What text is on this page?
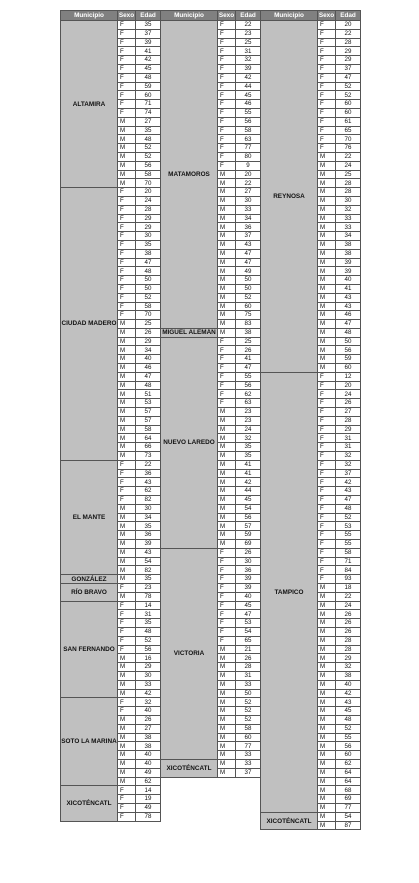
Municipio	Sexo	Edad
ALTAMIRA	F	35
	F	37
	F	39
	F	41
	F	42
	F	45
	F	48
	F	59
	F	60
	F	71
	F	74
	M	27
	M	35
	M	48
	M	52
	M	52
	M	56
	M	58
	M	70
CIUDAD MADERO	F	20
	F	24
	F	28
	F	29
	F	29
	F	30
	F	35
	F	38
	F	47
	F	48
	F	50
	F	50
	F	52
	F	58
	F	70
	M	25
	M	26
	M	29
	M	34
	M	40
	M	46
	M	47
	M	48
	M	51
	M	53
	M	57
	M	57
	M	58
	M	64
	M	66
	M	73
EL MANTE	F	22
	F	36
	F	43
	F	62
	F	82
	M	30
	M	34
	M	35
	M	36
	M	39
	M	43
	M	54
	M	82
GONZÁLEZ	M	35
RÍO BRAVO	F	23
	M	78
SAN FERNANDO	F	14
	F	31
	F	35
	F	48
	F	52
	F	56
	M	16
	M	29
	M	30
	M	33
	M	42
SOTO LA MARINA	F	32
	F	40
	M	26
	M	27
	M	38
	M	38
	M	40
	M	40
	M	49
	M	62
XICOTÉNCATL	F	14
	F	19
	F	49
	F	78
Municipio	Sexo	Edad
MATAMOROS	F	22
	F	23
	F	25
	F	31
	F	32
	F	39
	F	42
	F	44
	F	45
	F	46
	F	55
	F	56
	F	58
	F	63
	F	77
	F	80
	F	9
	M	20
	M	22
	M	27
	M	30
	M	33
	M	34
	M	36
	M	37
	M	43
	M	47
	M	47
	M	49
	M	50
	M	50
	M	52
	M	60
	M	75
	M	83
MIGUEL ALEMÁN	M	38
NUEVO LAREDO	F	25
	F	26
	F	41
	F	47
	F	55
	F	56
	F	62
	F	63
	M	23
	M	23
	M	24
	M	32
	M	35
	M	35
	M	41
	M	41
	M	42
	M	44
	M	45
	M	54
	M	56
	M	57
	M	59
	M	69
VICTORIA	F	26
	F	30
	F	36
	F	39
	F	39
	F	40
	F	45
	F	47
	F	53
	F	54
	F	65
	M	21
	M	26
	M	28
	M	31
	M	33
	M	50
	M	52
	M	52
	M	52
	M	58
	M	60
	M	77
	M	33
XICOTÉNCATL	M	33
	M	37
Municipio	Sexo	Edad
REYNOSA	F	20
	F	22
	F	28
	F	29
	F	29
	F	37
	F	47
	F	52
	F	52
	F	60
	F	60
	F	61
	F	65
	F	70
	F	76
	M	22
	M	24
	M	25
	M	28
	M	28
	M	30
	M	32
	M	33
	M	33
	M	34
	M	38
	M	38
	M	39
	M	39
	M	40
	M	41
	M	43
	M	43
	M	46
	M	47
	M	48
	M	50
	M	56
	M	59
	M	60
TAMPICO	F	12
	F	20
	F	24
	F	26
	F	27
	F	28
	F	29
	F	31
	F	31
	F	32
	F	32
	F	37
	F	42
	F	43
	F	47
	F	48
	F	52
	F	53
	F	55
	F	55
	F	58
	F	71
	F	84
	F	93
	M	18
	M	22
	M	24
	M	26
	M	26
	M	26
	M	28
	M	28
	M	29
	M	32
	M	38
	M	40
	M	42
	M	43
	M	45
	M	48
	M	52
	M	55
	M	56
	M	60
	M	62
	M	64
	M	64
	M	68
	M	69
	M	77
XICOTÉNCATL	M	54
	M	87
